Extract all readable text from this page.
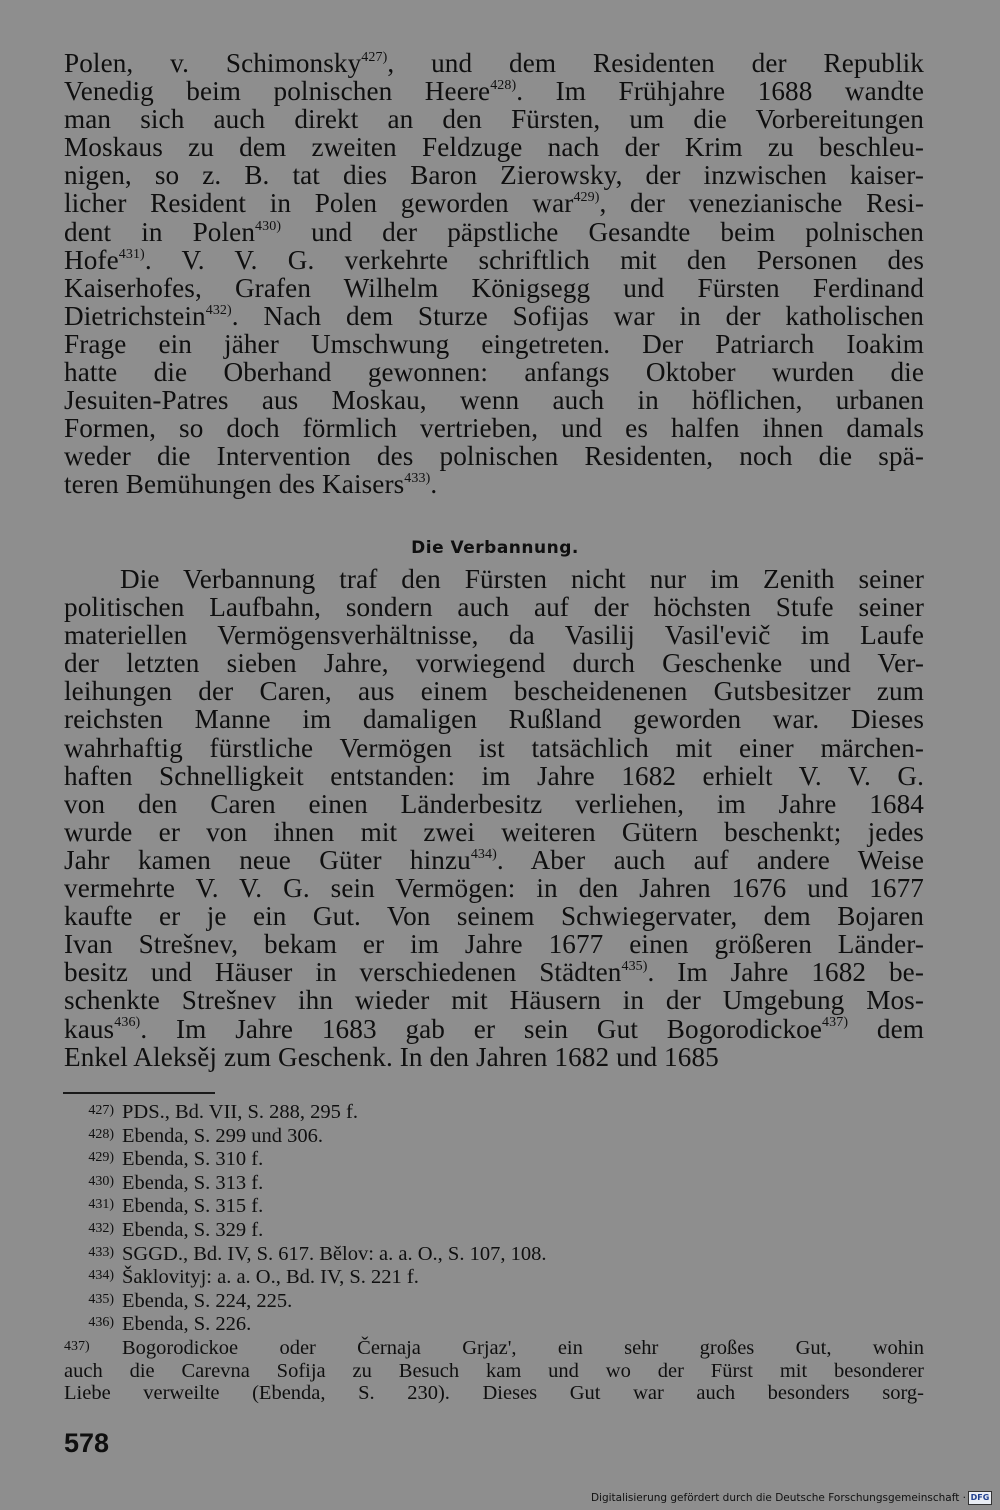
Polen, v. Schimonsky$^{427)}$, und dem Residenten der Republik
Venedig beim polnischen Heere$^{428)}$. Im Frühjahre 1688 wandte
man sich auch direkt an den Fürsten, um die Vorbereitungen
Moskaus zu dem zweiten Feldzuge nach der Krim zu beschleu-
nigen, so z. B. tat dies Baron Zierowsky, der inzwischen kaiser-
licher Resident in Polen geworden war$^{429)}$, der venezianische Resi-
dent in Polen$^{430)}$ und der päpstliche Gesandte beim polnischen
Hofe$^{431)}$. V. V. G. verkehrte schriftlich mit den Personen des
Kaiserhofes, Grafen Wilhelm Königsegg und Fürsten Ferdinand
Dietrichstein$^{432)}$. Nach dem Sturze Sofijas war in der katholischen
Frage ein jäher Umschwung eingetreten. Der Patriarch Ioakim
hatte die Oberhand gewonnen: anfangs Oktober wurden die
Jesuiten-Patres aus Moskau, wenn auch in höflichen, urbanen
Formen, so doch förmlich vertrieben, und es halfen ihnen damals
weder die Intervention des polnischen Residenten, noch die spä-
teren Bemühungen des Kaisers$^{433)}$.
Die Verbannung.
Die Verbannung traf den Fürsten nicht nur im Zenith seiner
politischen Laufbahn, sondern auch auf der höchsten Stufe seiner
materiellen Vermögensverhältnisse, da Vasilij Vasil'evič im Laufe
der letzten sieben Jahre, vorwiegend durch Geschenke und Ver-
leihungen der Caren, aus einem bescheidenenen Gutsbesitzer zum
reichsten Manne im damaligen Rußland geworden war. Dieses
wahrhaftig fürstliche Vermögen ist tatsächlich mit einer märchen-
haften Schnelligkeit entstanden: im Jahre 1682 erhielt V. V. G.
von den Caren einen Länderbesitz verliehen, im Jahre 1684
wurde er von ihnen mit zwei weiteren Gütern beschenkt; jedes
Jahr kamen neue Güter hinzu$^{434)}$. Aber auch auf andere Weise
vermehrte V. V. G. sein Vermögen: in den Jahren 1676 und 1677
kaufte er je ein Gut. Von seinem Schwiegervater, dem Bojaren
Ivan Strešnev, bekam er im Jahre 1677 einen größeren Länder-
besitz und Häuser in verschiedenen Städten$^{435)}$. Im Jahre 1682 be-
schenkte Strešnev ihn wieder mit Häusern in der Umgebung Mos-
kaus$^{436)}$. Im Jahre 1683 gab er sein Gut Bogorodickoe$^{437)}$ dem
Enkel Aleksěj zum Geschenk. In den Jahren 1682 und 1685
427) PDS., Bd. VII, S. 288, 295 f.
428) Ebenda, S. 299 und 306.
429) Ebenda, S. 310 f.
430) Ebenda, S. 313 f.
431) Ebenda, S. 315 f.
432) Ebenda, S. 329 f.
433) SGGD., Bd. IV, S. 617. Bělov: a. a. O., S. 107, 108.
434) Šaklovityj: a. a. O., Bd. IV, S. 221 f.
435) Ebenda, S. 224, 225.
436) Ebenda, S. 226.
437) Bogorodickoe oder Černaja Grjaz', ein sehr großes Gut, wohin
auch die Carevna Sofija zu Besuch kam und wo der Fürst mit besonderer
Liebe verweilte (Ebenda, S. 230). Dieses Gut war auch besonders sorg-
578
Digitalisierung gefördert durch die Deutsche Forschungsgemeinschaft · DFG
